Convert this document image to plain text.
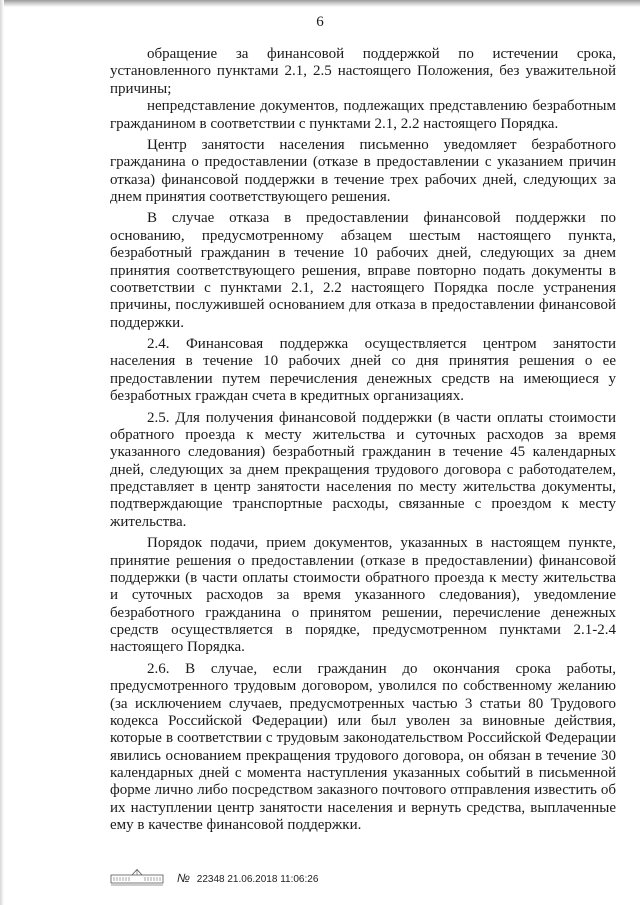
6

обращение за финансовой поддержкой по истечении срока, установленного пунктами 2.1, 2.5 настоящего Положения, без уважительной причины;

непредставление документов, подлежащих представлению безработным гражданином в соответствии с пунктами 2.1, 2.2 настоящего Порядка.

Центр занятости населения письменно уведомляет безработного гражданина о предоставлении (отказе в предоставлении с указанием причин отказа) финансовой поддержки в течение трех рабочих дней, следующих за днем принятия соответствующего решения.

В случае отказа в предоставлении финансовой поддержки по основанию, предусмотренному абзацем шестым настоящего пункта, безработный гражданин в течение 10 рабочих дней, следующих за днем принятия соответствующего решения, вправе повторно подать документы в соответствии с пунктами 2.1, 2.2 настоящего Порядка после устранения причины, послужившей основанием для отказа в предоставлении финансовой поддержки.

2.4. Финансовая поддержка осуществляется центром занятости населения в течение 10 рабочих дней со дня принятия решения о ее предоставлении путем перечисления денежных средств на имеющиеся у безработных граждан счета в кредитных организациях.

2.5. Для получения финансовой поддержки (в части оплаты стоимости обратного проезда к месту жительства и суточных расходов за время указанного следования) безработный гражданин в течение 45 календарных дней, следующих за днем прекращения трудового договора с работодателем, представляет в центр занятости населения по месту жительства документы, подтверждающие транспортные расходы, связанные с проездом к месту жительства.

Порядок подачи, прием документов, указанных в настоящем пункте, принятие решения о предоставлении (отказе в предоставлении) финансовой поддержки (в части оплаты стоимости обратного проезда к месту жительства и суточных расходов за время указанного следования), уведомление безработного гражданина о принятом решении, перечисление денежных средств осуществляется в порядке, предусмотренном пунктами 2.1-2.4 настоящего Порядка.

2.6. В случае, если гражданин до окончания срока работы, предусмотренного трудовым договором, уволился по собственному желанию (за исключением случаев, предусмотренных частью 3 статьи 80 Трудового кодекса Российской Федерации) или был уволен за виновные действия, которые в соответствии с трудовым законодательством Российской Федерации явились основанием прекращения трудового договора, он обязан в течение 30 календарных дней с момента наступления указанных событий в письменной форме лично либо посредством заказного почтового отправления известить об их наступлении центр занятости населения и вернуть средства, выплаченные ему в качестве финансовой поддержки.

№ 22348 21.06.2018 11:06:26
